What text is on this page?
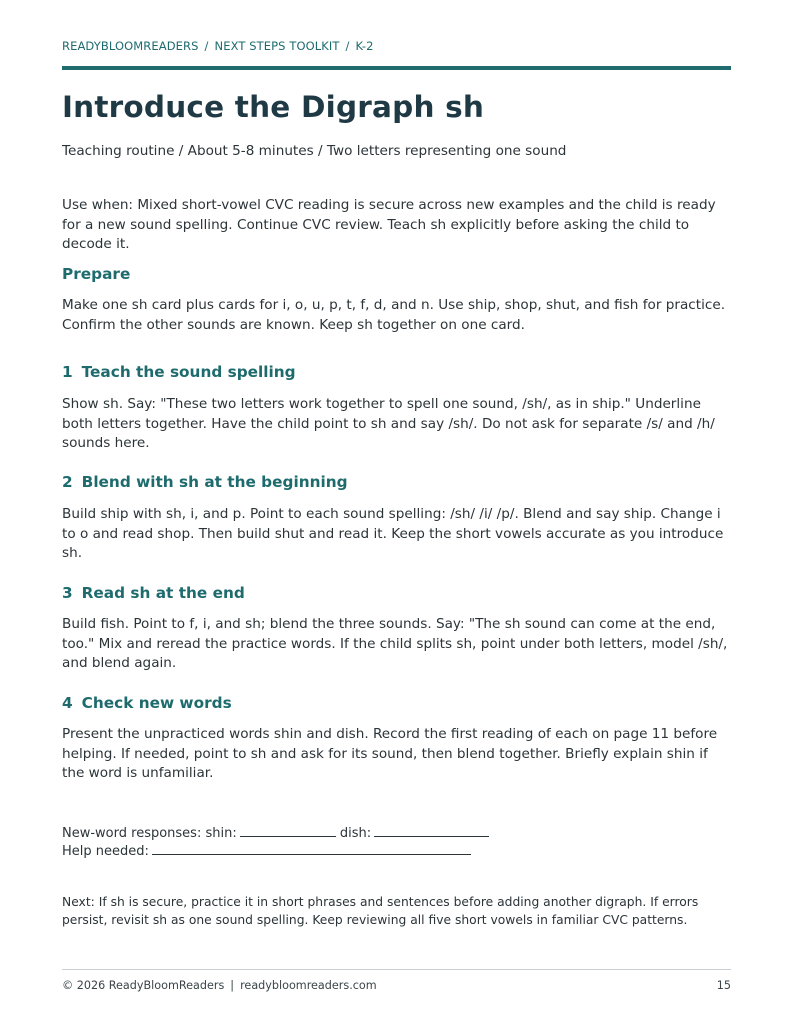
READYBLOOMREADERS / NEXT STEPS TOOLKIT / K-2
Introduce the Digraph sh
Teaching routine / About 5-8 minutes / Two letters representing one sound

Use when: Mixed short-vowel CVC reading is secure across new examples and the child is ready for a new sound spelling. Continue CVC review. Teach sh explicitly before asking the child to decode it.

Prepare

Make one sh card plus cards for i, o, u, p, t, f, d, and n. Use ship, shop, shut, and fish for practice. Confirm the other sounds are known. Keep sh together on one card.

1 Teach the sound spelling

Show sh. Say: "These two letters work together to spell one sound, /sh/, as in ship." Underline both letters together. Have the child point to sh and say /sh/. Do not ask for separate /s/ and /h/ sounds here.

2 Blend with sh at the beginning

Build ship with sh, i, and p. Point to each sound spelling: /sh/ /i/ /p/. Blend and say ship. Change i to o and read shop. Then build shut and read it. Keep the short vowels accurate as you introduce sh.

3 Read sh at the end

Build fish. Point to f, i, and sh; blend the three sounds. Say: "The sh sound can come at the end, too." Mix and reread the practice words. If the child splits sh, point under both letters, model /sh/, and blend again.

4 Check new words

Present the unpracticed words shin and dish. Record the first reading of each on page 11 before helping. If needed, point to sh and ask for its sound, then blend together. Briefly explain shin if the word is unfamiliar.

New-word responses: shin:	dish:
Help needed:

Next: If sh is secure, practice it in short phrases and sentences before adding another digraph. If errors persist, revisit sh as one sound spelling. Keep reviewing all five short vowels in familiar CVC patterns.

© 2026 ReadyBloomReaders | readybloomreaders.com	15
